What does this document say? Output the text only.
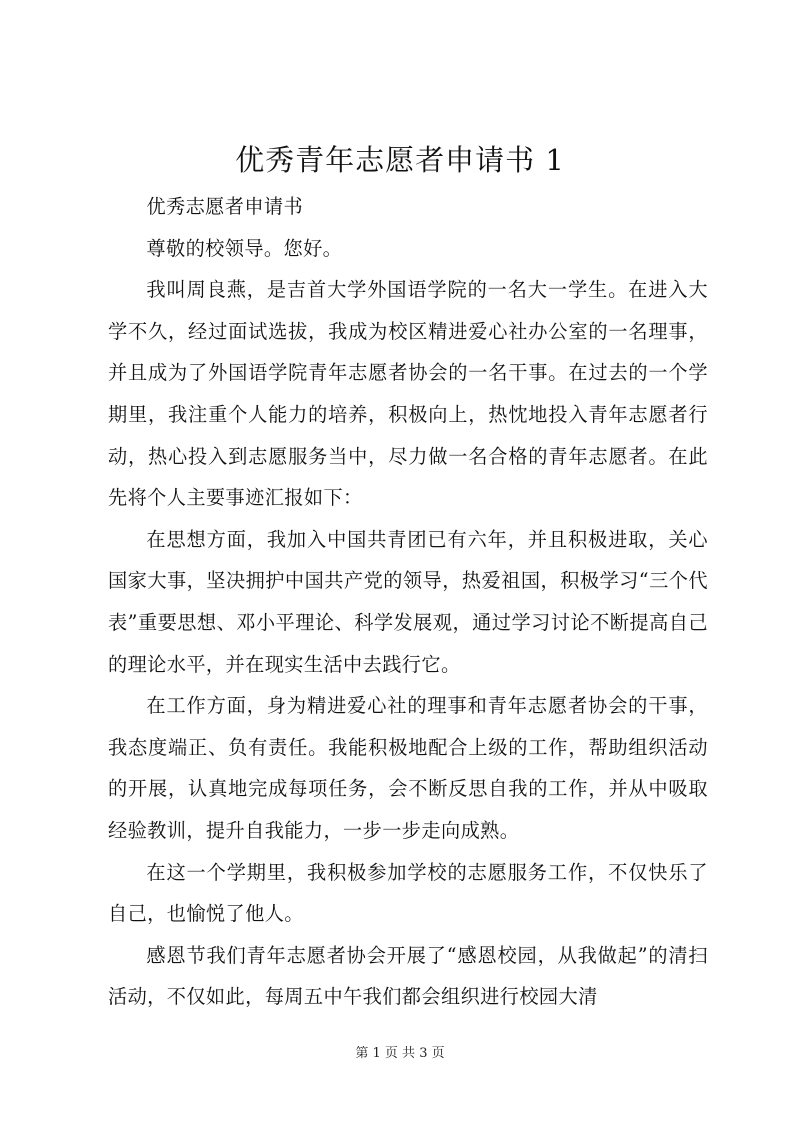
优秀青年志愿者申请书 1

优秀志愿者申请书

尊敬的校领导。您好。

我叫周良燕，是吉首大学外国语学院的一名大一学生。在进入大学不久，经过面试选拔，我成为校区精进爱心社办公室的一名理事，并且成为了外国语学院青年志愿者协会的一名干事。在过去的一个学期里，我注重个人能力的培养，积极向上，热忱地投入青年志愿者行动，热心投入到志愿服务当中，尽力做一名合格的青年志愿者。在此先将个人主要事迹汇报如下：

在思想方面，我加入中国共青团已有六年，并且积极进取，关心国家大事，坚决拥护中国共产党的领导，热爱祖国，积极学习“三个代表”重要思想、邓小平理论、科学发展观，通过学习讨论不断提高自己的理论水平，并在现实生活中去践行它。

在工作方面，身为精进爱心社的理事和青年志愿者协会的干事，我态度端正、负有责任。我能积极地配合上级的工作，帮助组织活动的开展，认真地完成每项任务，会不断反思自我的工作，并从中吸取经验教训，提升自我能力，一步一步走向成熟。

在这一个学期里，我积极参加学校的志愿服务工作，不仅快乐了自己，也愉悦了他人。

感恩节我们青年志愿者协会开展了“感恩校园，从我做起”的清扫活动，不仅如此，每周五中午我们都会组织进行校园大清

第 1 页 共 3 页
